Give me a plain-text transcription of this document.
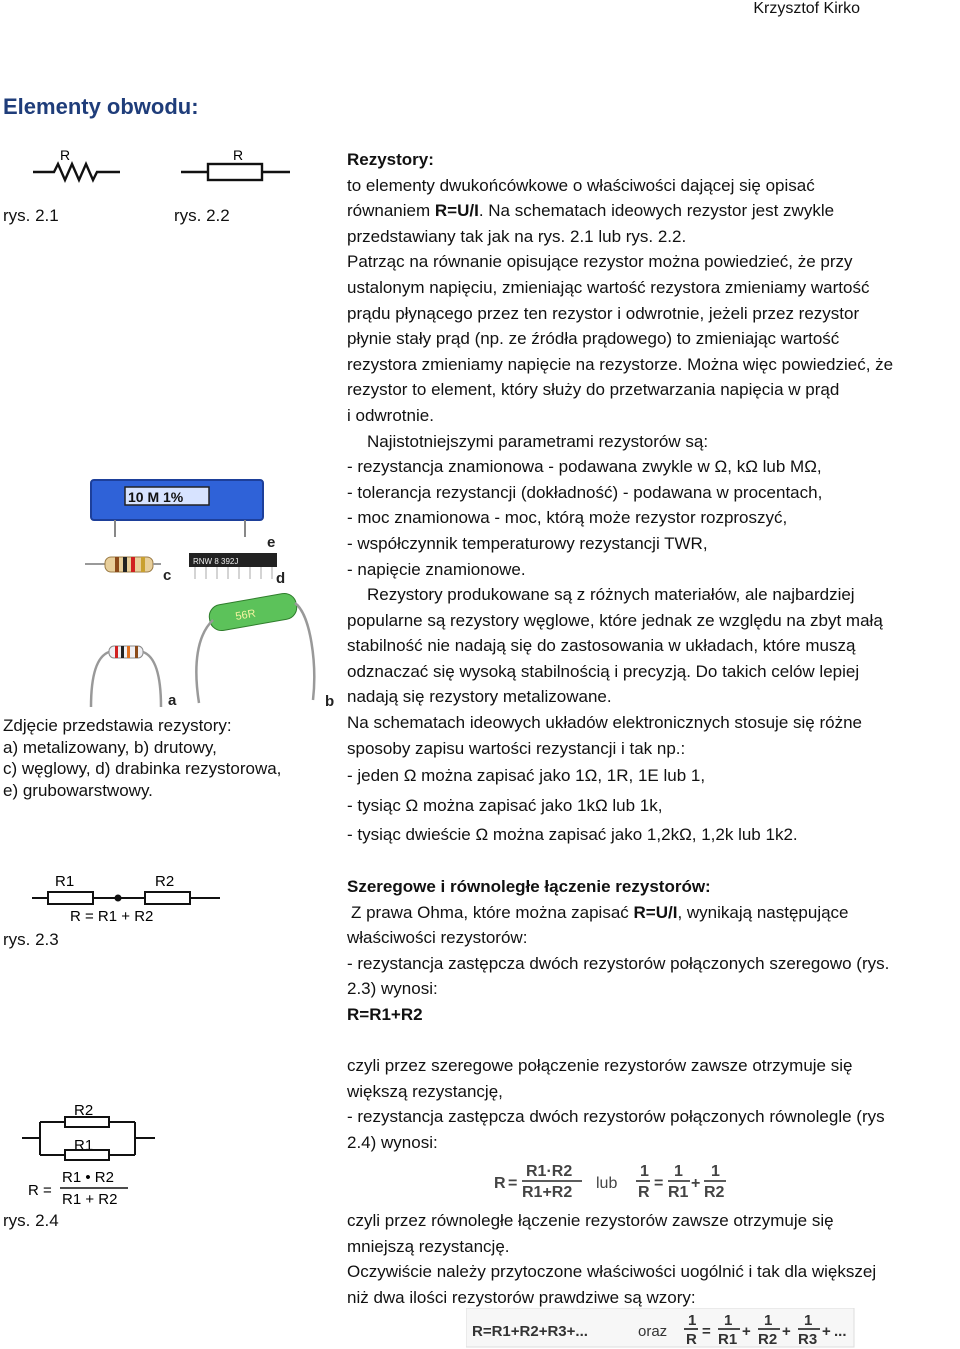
Krzysztof Kirko
Elementy obwodu:
R
rys. 2.1
R
rys. 2.2
10 M 1%
e
c
RNW 8 392J
d
56R
b
a
Zdjęcie przedstawia rezystory:
a) metalizowany, b) drutowy,
c) węglowy, d) drabinka rezystorowa,
e) grubowarstwowy.
R1	R2
R = R1 + R2
rys. 2.3
R2
R1
R =
R1 • R2
R1 + R2
rys. 2.4
Rezystory:
to elementy dwukońcówkowe o właściwości dającej się opisać
równaniem R=U/I. Na schematach ideowych rezystor jest zwykle
przedstawiany tak jak na rys. 2.1 lub rys. 2.2.
Patrząc na równanie opisujące rezystor można powiedzieć, że przy
ustalonym napięciu, zmieniając wartość rezystora zmieniamy wartość
prądu płynącego przez ten rezystor i odwrotnie, jeżeli przez rezystor
płynie stały prąd (np. ze źródła prądowego) to zmieniając wartość
rezystora zmieniamy napięcie na rezystorze. Można więc powiedzieć, że
rezystor to element, który służy do przetwarzania napięcia w prąd
i odwrotnie.
Najistotniejszymi parametrami rezystorów są:
- rezystancja znamionowa - podawana zwykle w Ω, kΩ lub MΩ,
- tolerancja rezystancji (dokładność) - podawana w procentach,
- moc znamionowa - moc, którą może rezystor rozproszyć,
- współczynnik temperaturowy rezystancji TWR,
- napięcie znamionowe.
Rezystory produkowane są z różnych materiałów, ale najbardziej
popularne są rezystory węglowe, które jednak ze względu na zbyt małą
stabilność nie nadają się do zastosowania w układach, które muszą
odznaczać się wysoką stabilnością i precyzją. Do takich celów lepiej
nadają się rezystory metalizowane.
Na schematach ideowych układów elektronicznych stosuje się różne
sposoby zapisu wartości rezystancji i tak np.:
- jeden Ω można zapisać jako 1Ω, 1R, 1E lub 1,
- tysiąc Ω można zapisać jako 1kΩ lub 1k,
- tysiąc dwieście Ω można zapisać jako 1,2kΩ, 1,2k lub 1k2.
Szeregowe i równoległe łączenie rezystorów:
Z prawa Ohma, które można zapisać R=U/I, wynikają następujące
właściwości rezystorów:
- rezystancja zastępcza dwóch rezystorów połączonych szeregowo (rys.
2.3) wynosi:
R=R1+R2
czyli przez szeregowe połączenie rezystorów zawsze otrzymuje się
większą rezystancję,
- rezystancja zastępcza dwóch rezystorów połączonych równolegle (rys
2.4) wynosi:
R =
R1·R2
R1+R2
lub
1
R
=
1
R1
+
1
R2
czyli przez równoległe łączenie rezystorów zawsze otrzymuje się
mniejszą rezystancję.
Oczywiście należy przytoczone właściwości uogólnić i tak dla większej
niż dwa ilości rezystorów prawdziwe są wzory:
R=R1+R2+R3+...	oraz
1
R =
1
R1 +
1
R2 +
1
R3 + ...
